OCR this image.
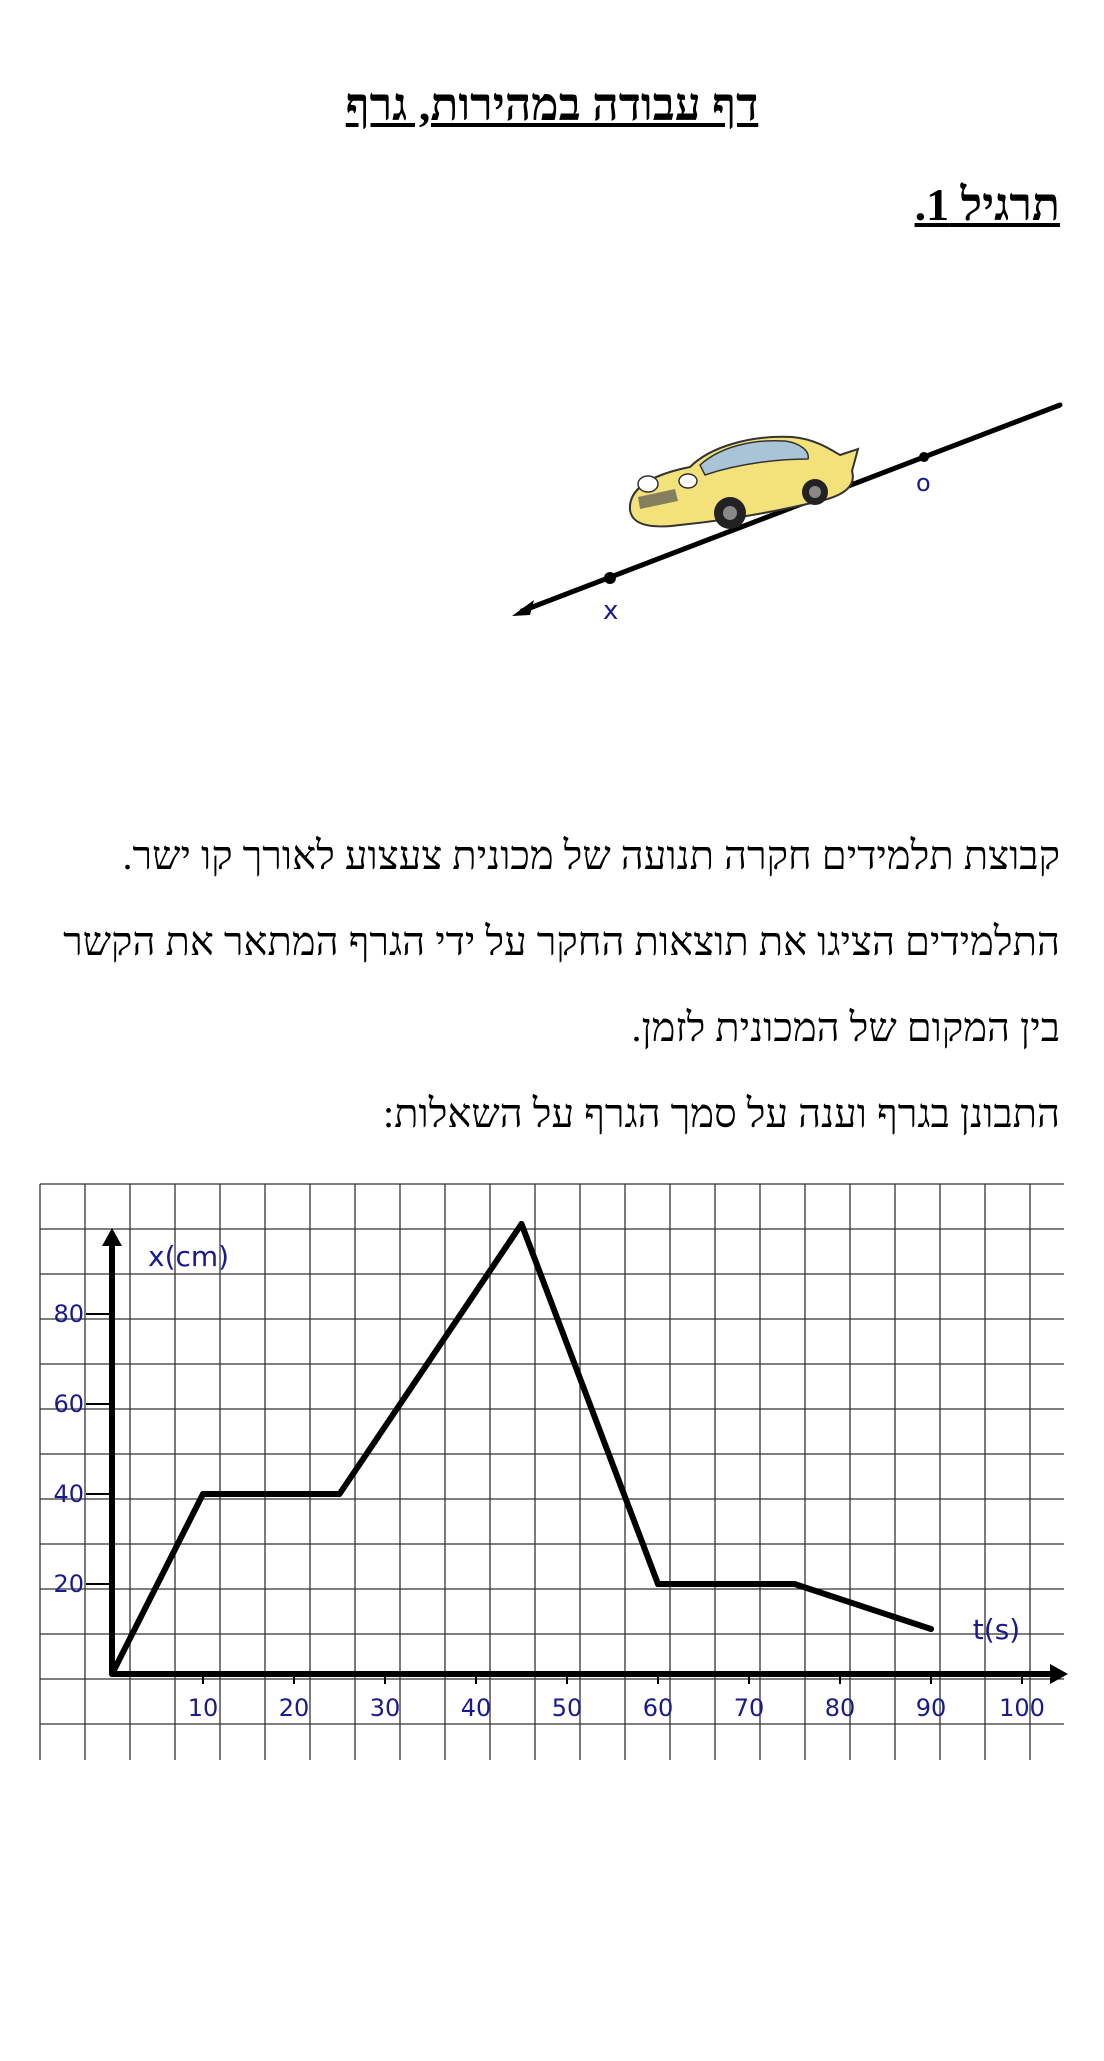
דף עבודה במהירות, גרף
תרגיל 1.
o
x

קבוצת תלמידים חקרה תנועה של מכונית צעצוע לאורך קו ישר. התלמידים הציגו את תוצאות החקר על ידי הגרף המתאר את הקשר בין המקום של המכונית לזמן.

התבונן בגרף וענה על סמך הגרף על השאלות:

10	20	30	40	50	60	70	80	90 100
20
40
60
80
x(cm)
t(s)
